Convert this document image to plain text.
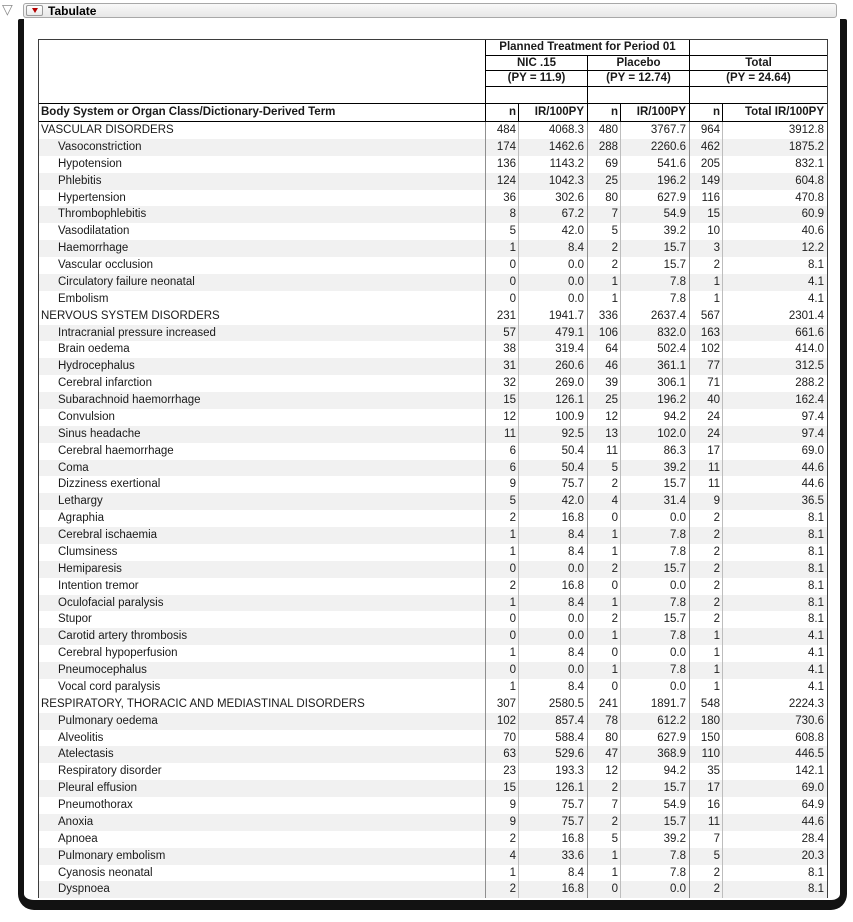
▽	Tabulate
Planned Treatment for Period 01
NIC .15	Placebo	Total
(PY = 11.9)	(PY = 12.74)	(PY = 24.64)
Body System or Organ Class/Dictionary-Derived Term	n	IR/100PY	n	IR/100PY	n	Total IR/100PY
VASCULAR DISORDERS	484	4068.3	480	3767.7	964	3912.8
Vasoconstriction	174	1462.6	288	2260.6	462	1875.2
Hypotension	136	1143.2	69	541.6	205	832.1
Phlebitis	124	1042.3	25	196.2	149	604.8
Hypertension	36	302.6	80	627.9	116	470.8
Thrombophlebitis	8	67.2	7	54.9	15	60.9
Vasodilatation	5	42.0	5	39.2	10	40.6
Haemorrhage	1	8.4	2	15.7	3	12.2
Vascular occlusion	0	0.0	2	15.7	2	8.1
Circulatory failure neonatal	0	0.0	1	7.8	1	4.1
Embolism	0	0.0	1	7.8	1	4.1
NERVOUS SYSTEM DISORDERS	231	1941.7	336	2637.4	567	2301.4
Intracranial pressure increased	57	479.1	106	832.0	163	661.6
Brain oedema	38	319.4	64	502.4	102	414.0
Hydrocephalus	31	260.6	46	361.1	77	312.5
Cerebral infarction	32	269.0	39	306.1	71	288.2
Subarachnoid haemorrhage	15	126.1	25	196.2	40	162.4
Convulsion	12	100.9	12	94.2	24	97.4
Sinus headache	11	92.5	13	102.0	24	97.4
Cerebral haemorrhage	6	50.4	11	86.3	17	69.0
Coma	6	50.4	5	39.2	11	44.6
Dizziness exertional	9	75.7	2	15.7	11	44.6
Lethargy	5	42.0	4	31.4	9	36.5
Agraphia	2	16.8	0	0.0	2	8.1
Cerebral ischaemia	1	8.4	1	7.8	2	8.1
Clumsiness	1	8.4	1	7.8	2	8.1
Hemiparesis	0	0.0	2	15.7	2	8.1
Intention tremor	2	16.8	0	0.0	2	8.1
Oculofacial paralysis	1	8.4	1	7.8	2	8.1
Stupor	0	0.0	2	15.7	2	8.1
Carotid artery thrombosis	0	0.0	1	7.8	1	4.1
Cerebral hypoperfusion	1	8.4	0	0.0	1	4.1
Pneumocephalus	0	0.0	1	7.8	1	4.1
Vocal cord paralysis	1	8.4	0	0.0	1	4.1
RESPIRATORY, THORACIC AND MEDIASTINAL DISORDERS	307	2580.5	241	1891.7	548	2224.3
Pulmonary oedema	102	857.4	78	612.2	180	730.6
Alveolitis	70	588.4	80	627.9	150	608.8
Atelectasis	63	529.6	47	368.9	110	446.5
Respiratory disorder	23	193.3	12	94.2	35	142.1
Pleural effusion	15	126.1	2	15.7	17	69.0
Pneumothorax	9	75.7	7	54.9	16	64.9
Anoxia	9	75.7	2	15.7	11	44.6
Apnoea	2	16.8	5	39.2	7	28.4
Pulmonary embolism	4	33.6	1	7.8	5	20.3
Cyanosis neonatal	1	8.4	1	7.8	2	8.1
Dyspnoea	2	16.8	0	0.0	2	8.1
